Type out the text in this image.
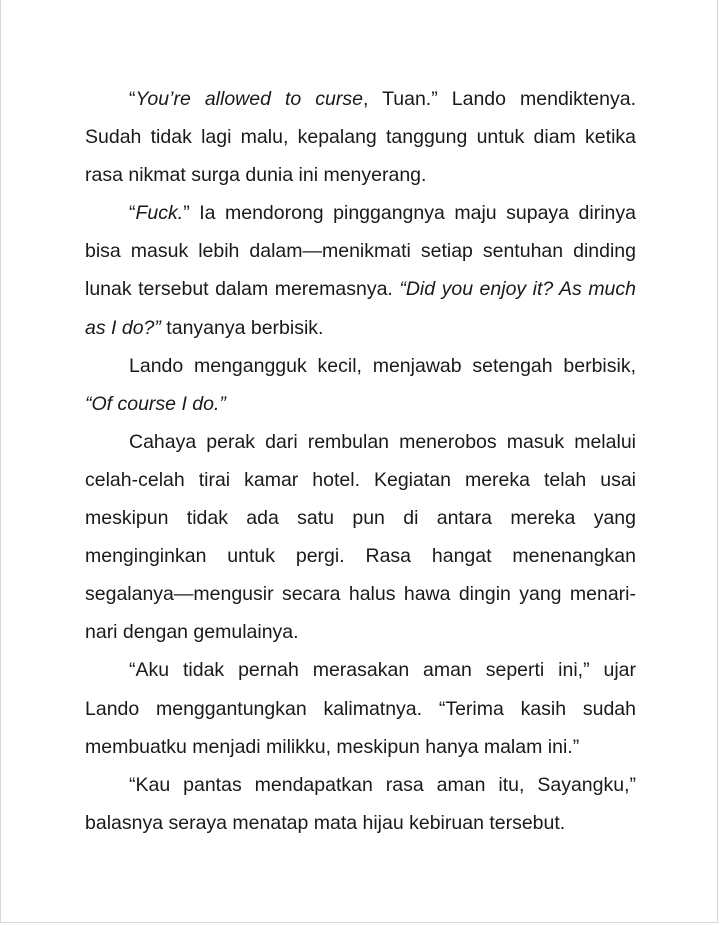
“You’re allowed to curse, Tuan.” Lando mendiktenya. Sudah tidak lagi malu, kepalang tanggung untuk diam ketika rasa nikmat surga dunia ini menyerang.

“Fuck.” Ia mendorong pinggangnya maju supaya dirinya bisa masuk lebih dalam—menikmati setiap sentuhan dinding lunak tersebut dalam meremasnya. “Did you enjoy it? As much as I do?” tanyanya berbisik.

Lando mengangguk kecil, menjawab setengah berbisik, “Of course I do.”

Cahaya perak dari rembulan menerobos masuk melalui celah-celah tirai kamar hotel. Kegiatan mereka telah usai meskipun tidak ada satu pun di antara mereka yang menginginkan untuk pergi. Rasa hangat menenangkan segalanya—mengusir secara halus hawa dingin yang menari-nari dengan gemulainya.

“Aku tidak pernah merasakan aman seperti ini,” ujar Lando menggantungkan kalimatnya. “Terima kasih sudah membuatku menjadi milikku, meskipun hanya malam ini.”

“Kau pantas mendapatkan rasa aman itu, Sayangku,” balasnya seraya menatap mata hijau kebiruan tersebut.
